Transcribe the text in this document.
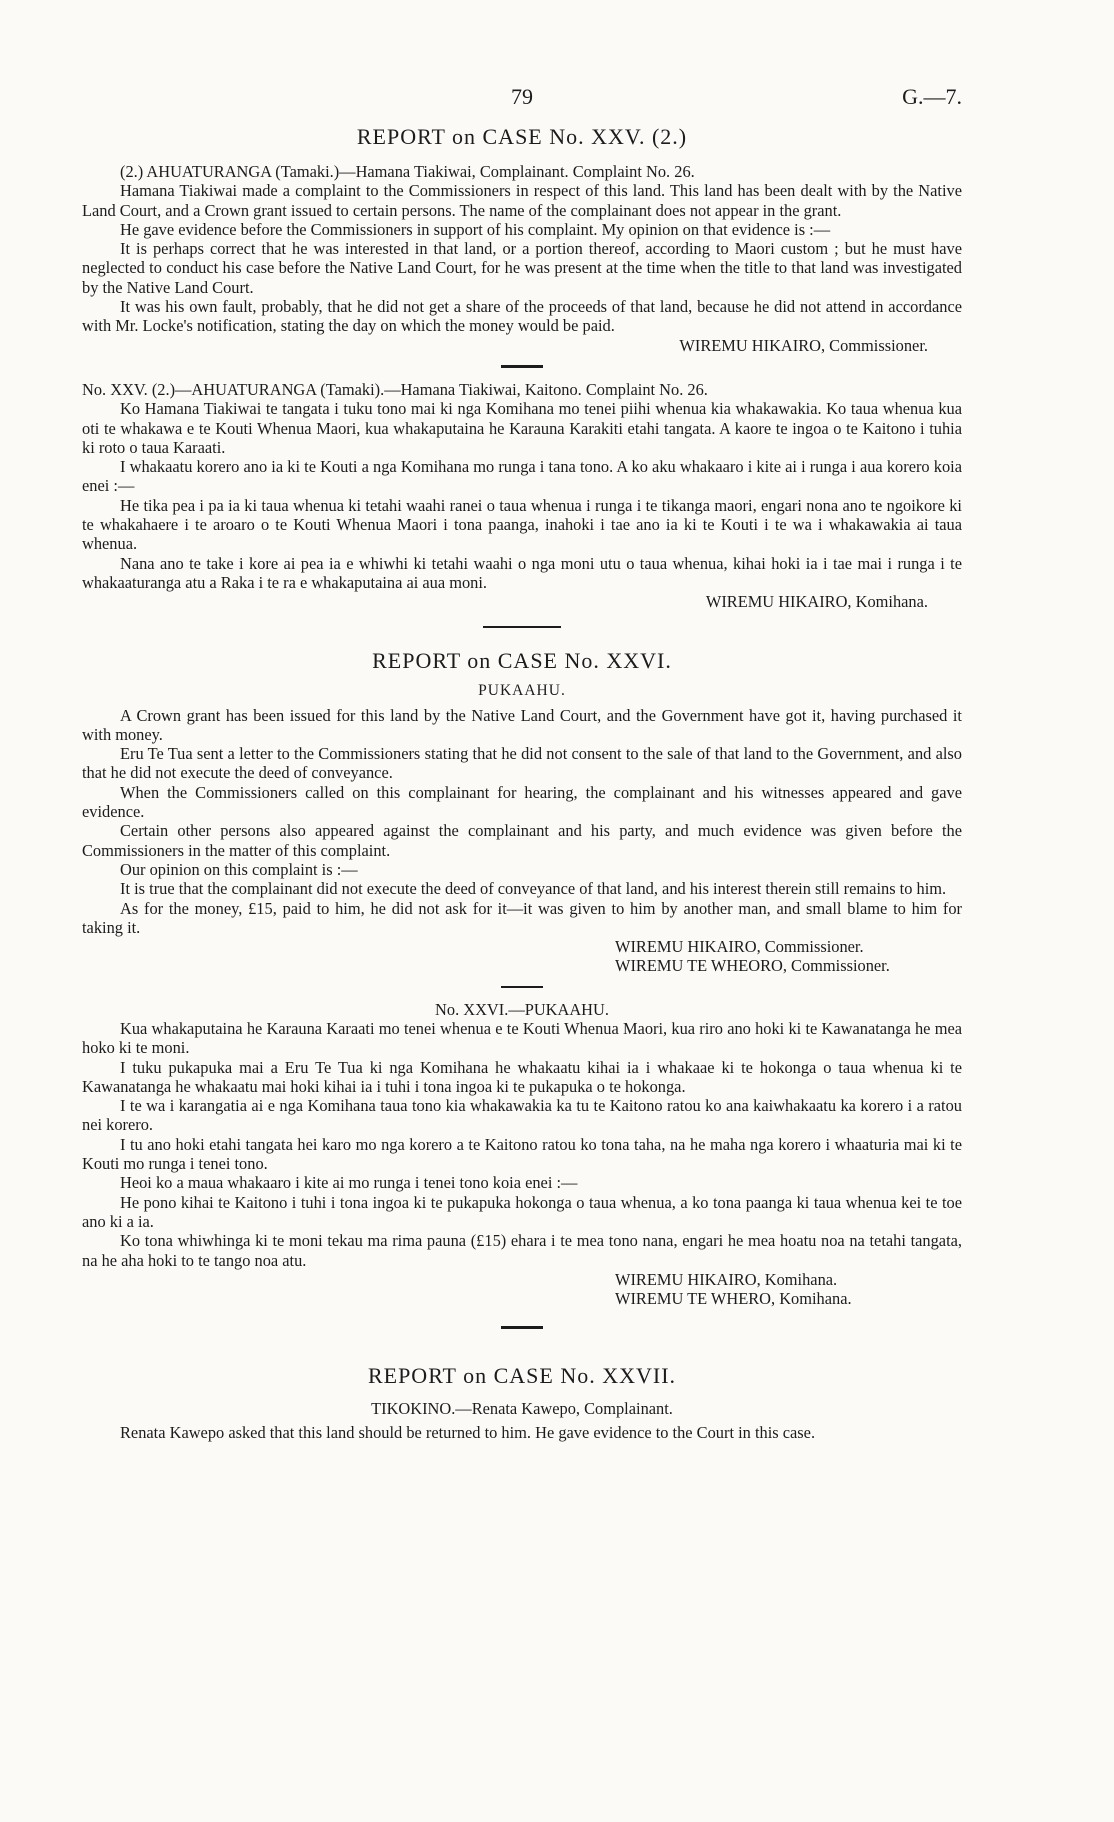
79	G.—7.
REPORT on CASE No. XXV. (2.)

(2.) AHUATURANGA (Tamaki.)—Hamana Tiakiwai, Complainant. Complaint No. 26.

Hamana Tiakiwai made a complaint to the Commissioners in respect of this land. This land has been dealt with by the Native Land Court, and a Crown grant issued to certain persons. The name of the complainant does not appear in the grant.

He gave evidence before the Commissioners in support of his complaint. My opinion on that evidence is :—

It is perhaps correct that he was interested in that land, or a portion thereof, according to Maori custom ; but he must have neglected to conduct his case before the Native Land Court, for he was present at the time when the title to that land was investigated by the Native Land Court.

It was his own fault, probably, that he did not get a share of the proceeds of that land, because he did not attend in accordance with Mr. Locke's notification, stating the day on which the money would be paid.

WIREMU HIKAIRO, Commissioner.

No. XXV. (2.)—AHUATURANGA (Tamaki).—Hamana Tiakiwai, Kaitono. Complaint No. 26.

Ko Hamana Tiakiwai te tangata i tuku tono mai ki nga Komihana mo tenei piihi whenua kia whakawakia. Ko taua whenua kua oti te whakawa e te Kouti Whenua Maori, kua whakaputaina he Karauna Karakiti etahi tangata. A kaore te ingoa o te Kaitono i tuhia ki roto o taua Karaati.

I whakaatu korero ano ia ki te Kouti a nga Komihana mo runga i tana tono. A ko aku whakaaro i kite ai i runga i aua korero koia enei :—

He tika pea i pa ia ki taua whenua ki tetahi waahi ranei o taua whenua i runga i te tikanga maori, engari nona ano te ngoikore ki te whakahaere i te aroaro o te Kouti Whenua Maori i tona paanga, inahoki i tae ano ia ki te Kouti i te wa i whakawakia ai taua whenua.

Nana ano te take i kore ai pea ia e whiwhi ki tetahi waahi o nga moni utu o taua whenua, kihai hoki ia i tae mai i runga i te whakaaturanga atu a Raka i te ra e whakaputaina ai aua moni.

WIREMU HIKAIRO, Komihana.
REPORT on CASE No. XXVI.
PUKAAHU.

A Crown grant has been issued for this land by the Native Land Court, and the Government have got it, having purchased it with money.

Eru Te Tua sent a letter to the Commissioners stating that he did not consent to the sale of that land to the Government, and also that he did not execute the deed of conveyance.

When the Commissioners called on this complainant for hearing, the complainant and his witnesses appeared and gave evidence.

Certain other persons also appeared against the complainant and his party, and much evidence was given before the Commissioners in the matter of this complaint.

Our opinion on this complaint is :—

It is true that the complainant did not execute the deed of conveyance of that land, and his interest therein still remains to him.

As for the money, £15, paid to him, he did not ask for it—it was given to him by another man, and small blame to him for taking it.

WIREMU HIKAIRO, Commissioner.
WIREMU TE WHEORO, Commissioner.

No. XXVI.—PUKAAHU.

Kua whakaputaina he Karauna Karaati mo tenei whenua e te Kouti Whenua Maori, kua riro ano hoki ki te Kawanatanga he mea hoko ki te moni.

I tuku pukapuka mai a Eru Te Tua ki nga Komihana he whakaatu kihai ia i whakaae ki te hokonga o taua whenua ki te Kawanatanga he whakaatu mai hoki kihai ia i tuhi i tona ingoa ki te pukapuka o te hokonga.

I te wa i karangatia ai e nga Komihana taua tono kia whakawakia ka tu te Kaitono ratou ko ana kaiwhakaatu ka korero i a ratou nei korero.

I tu ano hoki etahi tangata hei karo mo nga korero a te Kaitono ratou ko tona taha, na he maha nga korero i whaaturia mai ki te Kouti mo runga i tenei tono.

Heoi ko a maua whakaaro i kite ai mo runga i tenei tono koia enei :—

He pono kihai te Kaitono i tuhi i tona ingoa ki te pukapuka hokonga o taua whenua, a ko tona paanga ki taua whenua kei te toe ano ki a ia.

Ko tona whiwhinga ki te moni tekau ma rima pauna (£15) ehara i te mea tono nana, engari he mea hoatu noa na tetahi tangata, na he aha hoki to te tango noa atu.

WIREMU HIKAIRO, Komihana.
WIREMU TE WHERO, Komihana.
REPORT on CASE No. XXVII.

TIKOKINO.—Renata Kawepo, Complainant.

Renata Kawepo asked that this land should be returned to him. He gave evidence to the Court in this case.
